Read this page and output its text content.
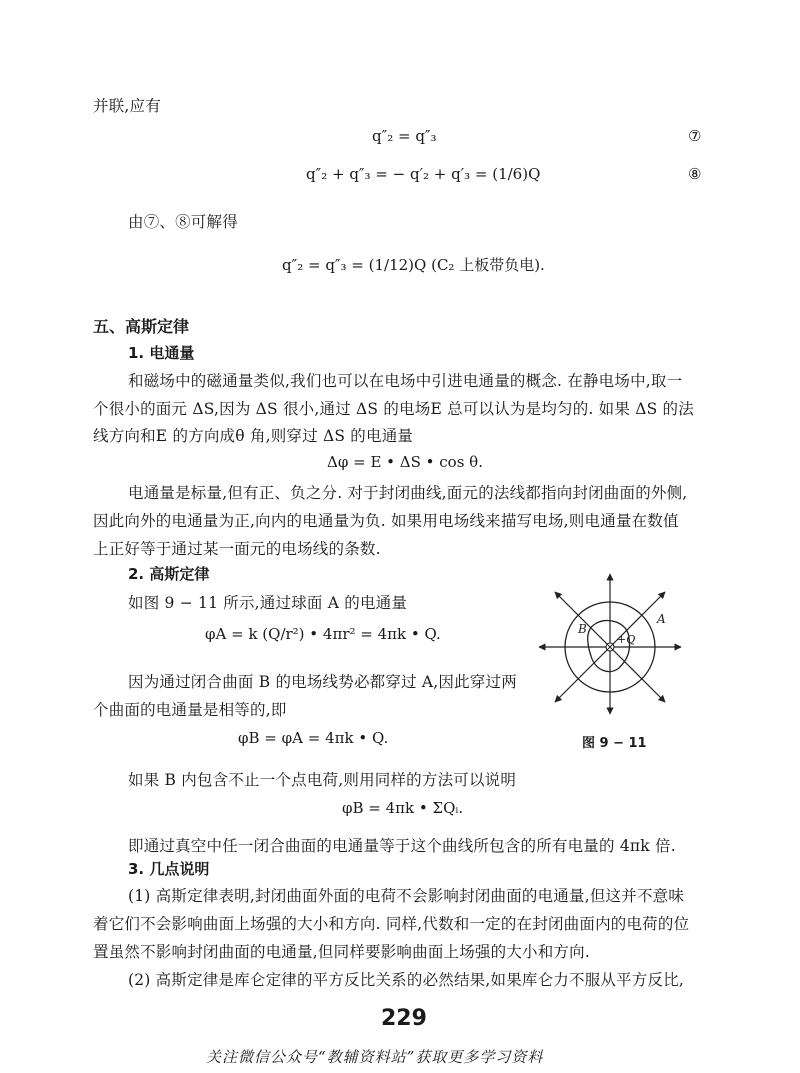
并联,应有
q″₂ = q″₃	⑦
q″₂ + q″₃ = − q′₂ + q′₃ = (1/6)Q	⑧
由⑦、⑧可解得
q″₂ = q″₃ = (1/12)Q (C₂ 上板带负电).
五、高斯定律
1. 电通量
和磁场中的磁通量类似,我们也可以在电场中引进电通量的概念. 在静电场中,取一
个很小的面元 ΔS,因为 ΔS 很小,通过 ΔS 的电场E 总可以认为是均匀的. 如果 ΔS 的法
线方向和E 的方向成θ 角,则穿过 ΔS 的电通量
Δφ = E • ΔS • cos θ.
电通量是标量,但有正、负之分. 对于封闭曲线,面元的法线都指向封闭曲面的外侧,
因此向外的电通量为正,向内的电通量为负. 如果用电场线来描写电场,则电通量在数值
上正好等于通过某一面元的电场线的条数.
2. 高斯定律
如图 9 − 11 所示,通过球面 A 的电通量
φA = k (Q/r²) • 4πr² = 4πk • Q.
因为通过闭合曲面 B 的电场线势必都穿过 A,因此穿过两
个曲面的电通量是相等的,即
φB = φA = 4πk • Q.
如果 B 内包含不止一个点电荷,则用同样的方法可以说明
φB = 4πk • ΣQᵢ.
即通过真空中任一闭合曲面的电通量等于这个曲线所包含的所有电量的 4πk 倍.
3. 几点说明
(1) 高斯定律表明,封闭曲面外面的电荷不会影响封闭曲面的电通量,但这并不意味
着它们不会影响曲面上场强的大小和方向. 同样,代数和一定的在封闭曲面内的电荷的位
置虽然不影响封闭曲面的电通量,但同样要影响曲面上场强的大小和方向.
(2) 高斯定律是库仑定律的平方反比关系的必然结果,如果库仑力不服从平方反比,
A
B
+Q
图 9 − 11
229
关注微信公众号“教辅资料站”获取更多学习资料
